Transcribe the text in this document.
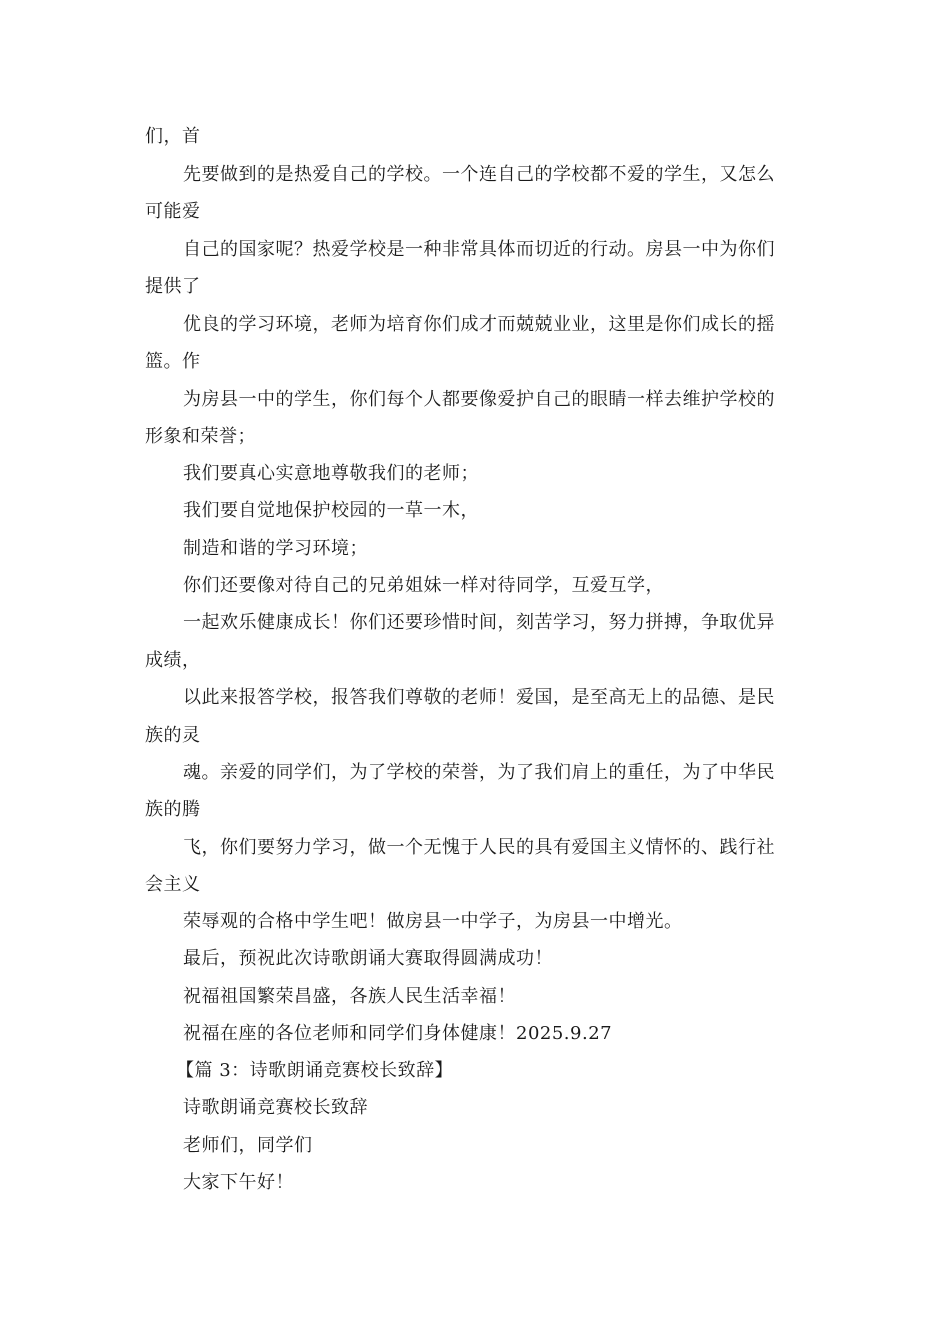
们，首
先要做到的是热爱自己的学校。一个连自己的学校都不爱的学生，又怎么
可能爱
自己的国家呢？热爱学校是一种非常具体而切近的行动。房县一中为你们
提供了
优良的学习环境，老师为培育你们成才而兢兢业业，这里是你们成长的摇
篮。作
为房县一中的学生，你们每个人都要像爱护自己的眼睛一样去维护学校的
形象和荣誉；
我们要真心实意地尊敬我们的老师；
我们要自觉地保护校园的一草一木，
制造和谐的学习环境；
你们还要像对待自己的兄弟姐妹一样对待同学，互爱互学，
一起欢乐健康成长！你们还要珍惜时间，刻苦学习，努力拼搏，争取优异
成绩，
以此来报答学校，报答我们尊敬的老师！爱国，是至高无上的品德、是民
族的灵
魂。亲爱的同学们，为了学校的荣誉，为了我们肩上的重任，为了中华民
族的腾
飞，你们要努力学习，做一个无愧于人民的具有爱国主义情怀的、践行社
会主义
荣辱观的合格中学生吧！做房县一中学子，为房县一中增光。
最后，预祝此次诗歌朗诵大赛取得圆满成功！
祝福祖国繁荣昌盛，各族人民生活幸福！
祝福在座的各位老师和同学们身体健康！2025.9.27
【篇 3：诗歌朗诵竞赛校长致辞】
诗歌朗诵竞赛校长致辞
老师们，同学们
大家下午好！
